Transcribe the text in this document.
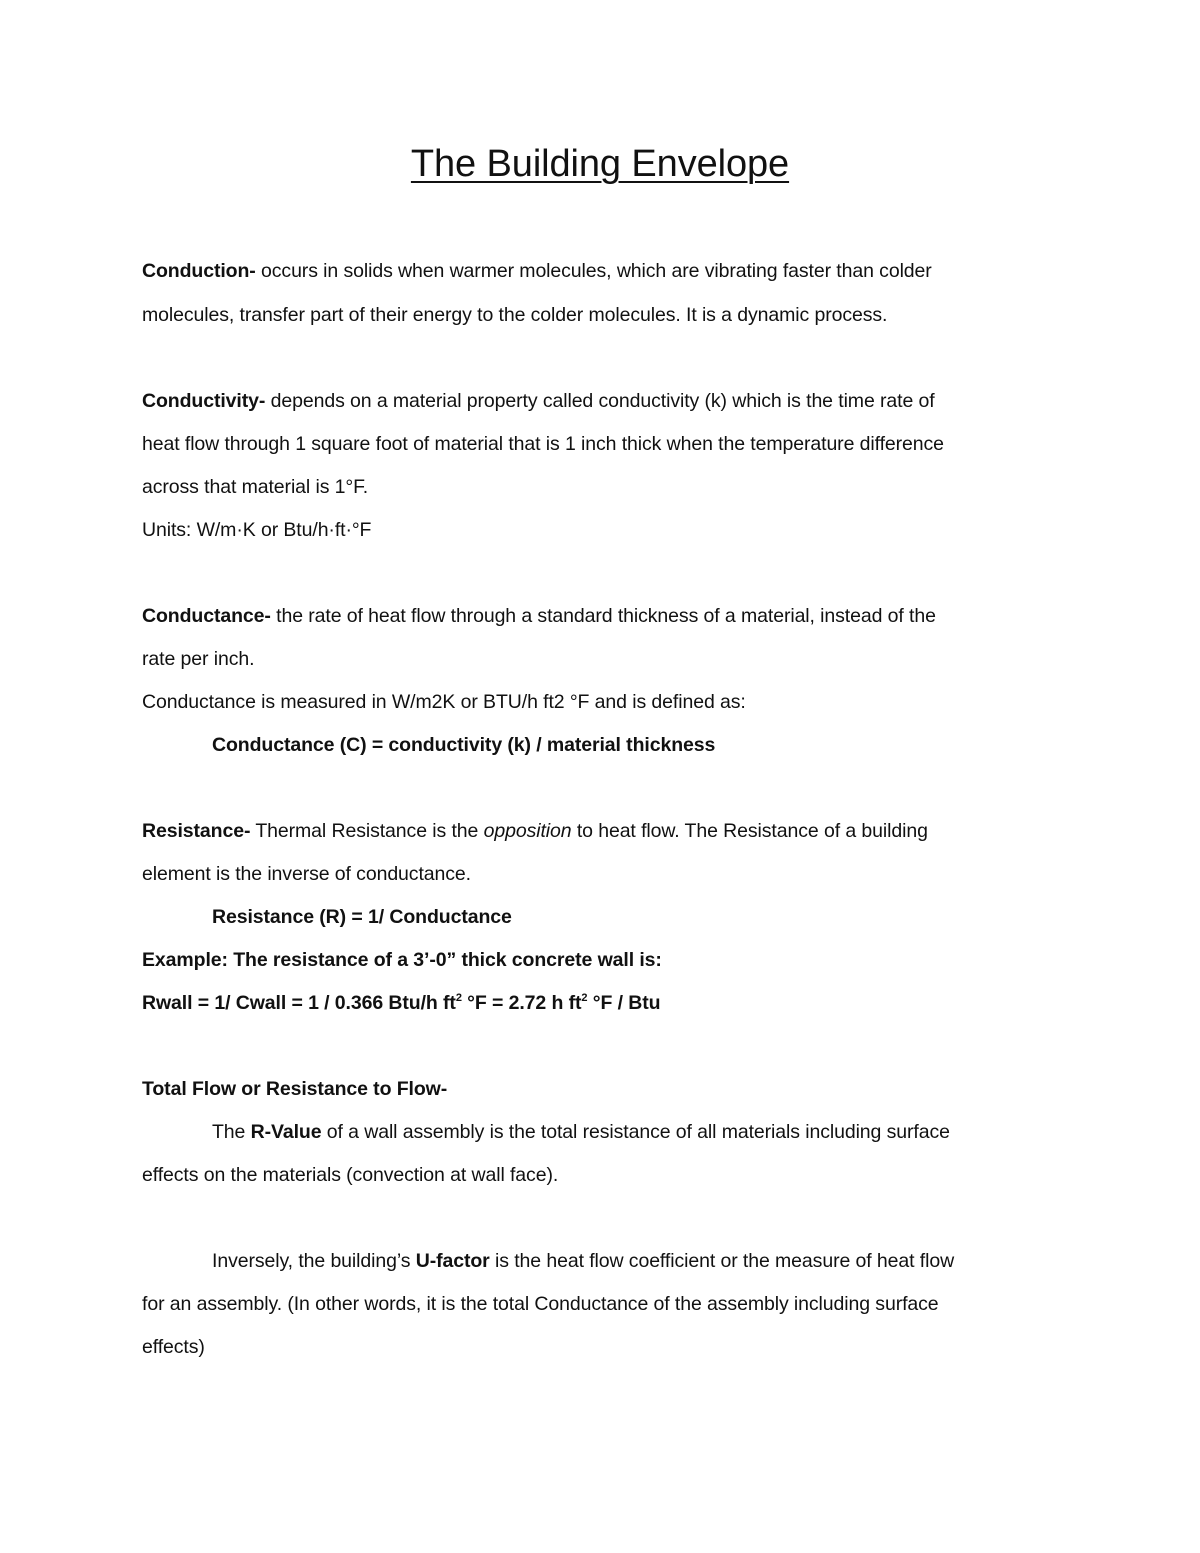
The Building Envelope
Conduction- occurs in solids when warmer molecules, which are vibrating faster than colder
molecules, transfer part of their energy to the colder molecules. It is a dynamic process.
Conductivity- depends on a material property called conductivity (k) which is the time rate of
heat flow through 1 square foot of material that is 1 inch thick when the temperature difference
across that material is 1°F.
Units: W/m·K or Btu/h·ft·°F
Conductance- the rate of heat flow through a standard thickness of a material, instead of the
rate per inch.
Conductance is measured in W/m2K or BTU/h ft2 °F and is defined as:
Conductance (C) = conductivity (k) / material thickness
Resistance- Thermal Resistance is the opposition to heat flow. The Resistance of a building
element is the inverse of conductance.
Resistance (R) = 1/ Conductance
Example: The resistance of a 3’-0” thick concrete wall is:
Rwall = 1/ Cwall = 1 / 0.366 Btu/h $ft^2$ °F = 2.72 h $ft^2$ °F / Btu
Total Flow or Resistance to Flow-
The R-Value of a wall assembly is the total resistance of all materials including surface
effects on the materials (convection at wall face).
Inversely, the building’s U-factor is the heat flow coefficient or the measure of heat flow
for an assembly. (In other words, it is the total Conductance of the assembly including surface
effects)
